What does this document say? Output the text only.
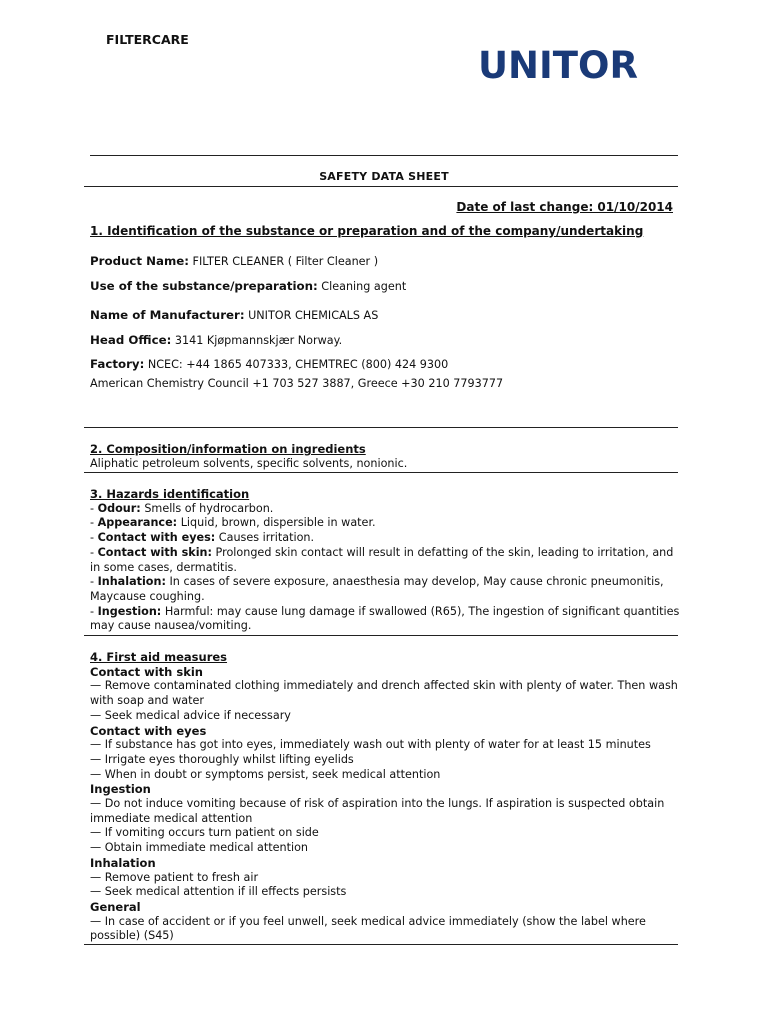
FILTERCARE
UNITOR
SAFETY DATA SHEET
Date of last change: 01/10/2014
1. Identification of the substance or preparation and of the company/undertaking
Product Name: FILTER CLEANER ( Filter Cleaner )
Use of the substance/preparation: Cleaning agent
Name of Manufacturer: UNITOR CHEMICALS AS
Head Office: 3141 Kjøpmannskjær Norway.
Factory: NCEC: +44 1865 407333, CHEMTREC (800) 424 9300
American Chemistry Council +1 703 527 3887, Greece +30 210 7793777
2. Composition/information on ingredients
Aliphatic petroleum solvents, specific solvents, nonionic.
3. Hazards identification
- Odour: Smells of hydrocarbon.
- Appearance: Liquid, brown, dispersible in water.
- Contact with eyes: Causes irritation.
- Contact with skin: Prolonged skin contact will result in defatting of the skin, leading to irritation, and in some cases, dermatitis.
- Inhalation: In cases of severe exposure, anaesthesia may develop, May cause chronic pneumonitis, Maycause coughing.
- Ingestion: Harmful: may cause lung damage if swallowed (R65), The ingestion of significant quantities may cause nausea/vomiting.
4. First aid measures
Contact with skin
— Remove contaminated clothing immediately and drench affected skin with plenty of water. Then wash with soap and water
— Seek medical advice if necessary
Contact with eyes
— If substance has got into eyes, immediately wash out with plenty of water for at least 15 minutes
— Irrigate eyes thoroughly whilst lifting eyelids
— When in doubt or symptoms persist, seek medical attention
Ingestion
— Do not induce vomiting because of risk of aspiration into the lungs. If aspiration is suspected obtain immediate medical attention
— If vomiting occurs turn patient on side
— Obtain immediate medical attention
Inhalation
— Remove patient to fresh air
— Seek medical attention if ill effects persists
General
— In case of accident or if you feel unwell, seek medical advice immediately (show the label where possible) (S45)
